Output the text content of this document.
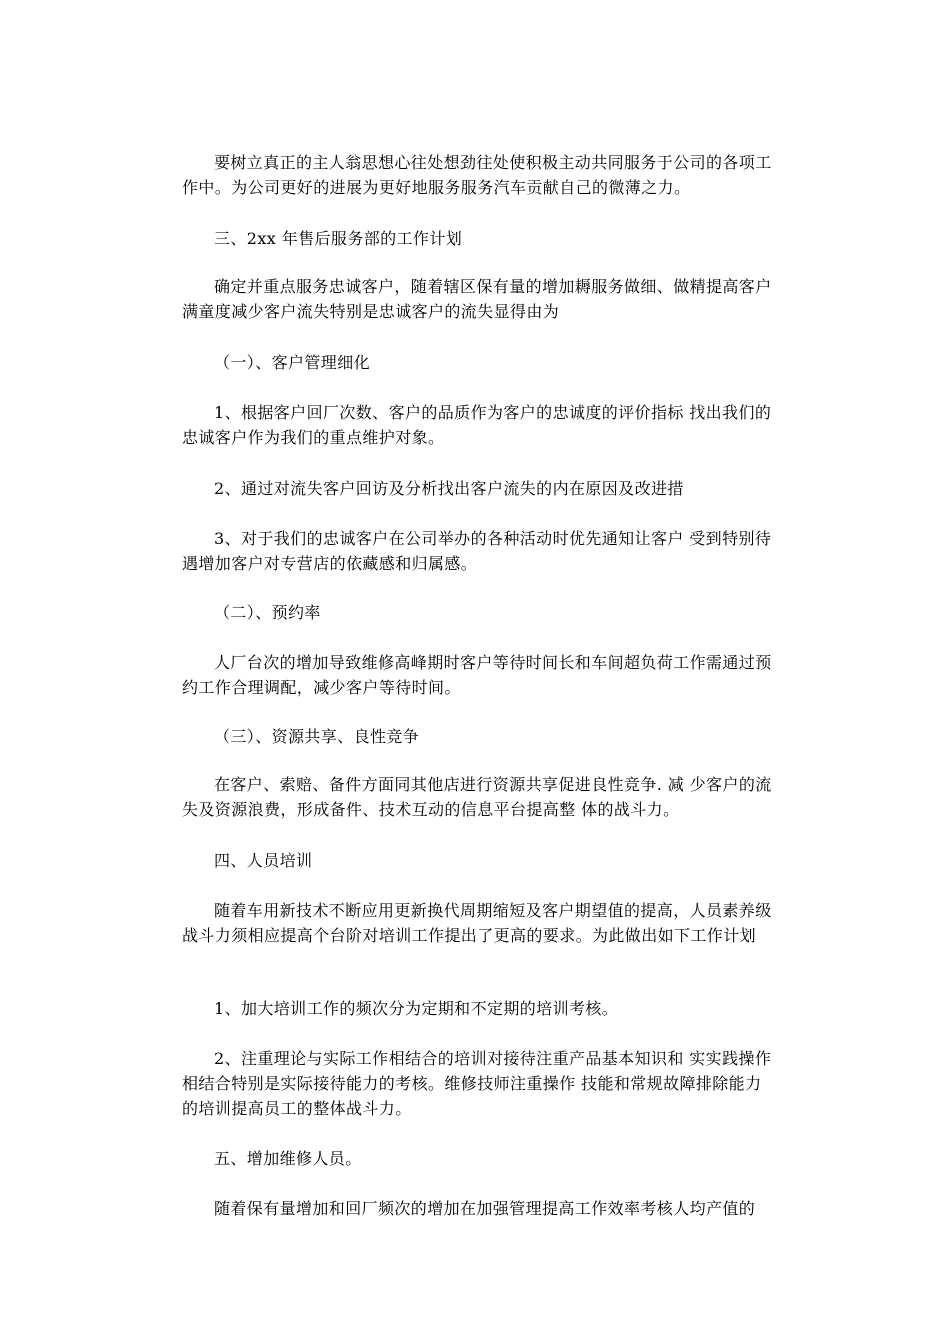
要树立真正的主人翁思想心往处想劲往处使积极主动共同服务于公司的各项工作中。为公司更好的进展为更好地服务服务汽车贡献自己的微薄之力。

三、2xx 年售后服务部的工作计划

确定并重点服务忠诚客户，随着辖区保有量的增加耨服务做细、做精提高客户满童度减少客户流失特别是忠诚客户的流失显得由为

（一）、客户管理细化

1、根据客户回厂次数、客户的品质作为客户的忠诚度的评价指标 找出我们的忠诚客户作为我们的重点维护对象。

2、通过对流失客户回访及分析找出客户流失的内在原因及改进措

3、对于我们的忠诚客户在公司举办的各种活动时优先通知让客户 受到特别待遇增加客户对专营店的依藏感和归属感。

（二）、预约率

人厂台次的增加导致维修高峰期时客户等待时间长和车间超负荷工作需通过预约工作合理调配，减少客户等待时间。

（三）、资源共享、良性竞争

在客户、索赔、备件方面同其他店进行资源共享促进良性竞争. 减 少客户的流失及资源浪费，形成备件、技术互动的信息平台提高整 体的战斗力。

四、人员培训

随着车用新技术不断应用更新换代周期缩短及客户期望值的提高，人员素养级战斗力须相应提高个台阶对培训工作提出了更高的要求。为此做出如下工作计划

1、加大培训工作的频次分为定期和不定期的培训考核。

2、注重理论与实际工作相结合的培训对接待注重产品基本知识和 实实践操作相结合特别是实际接待能力的考核。维修技师注重操作 技能和常规故障排除能力的培训提高员工的整体战斗力。

五、增加维修人员。

随着保有量增加和回厂频次的增加在加强管理提高工作效率考核人均产值的
